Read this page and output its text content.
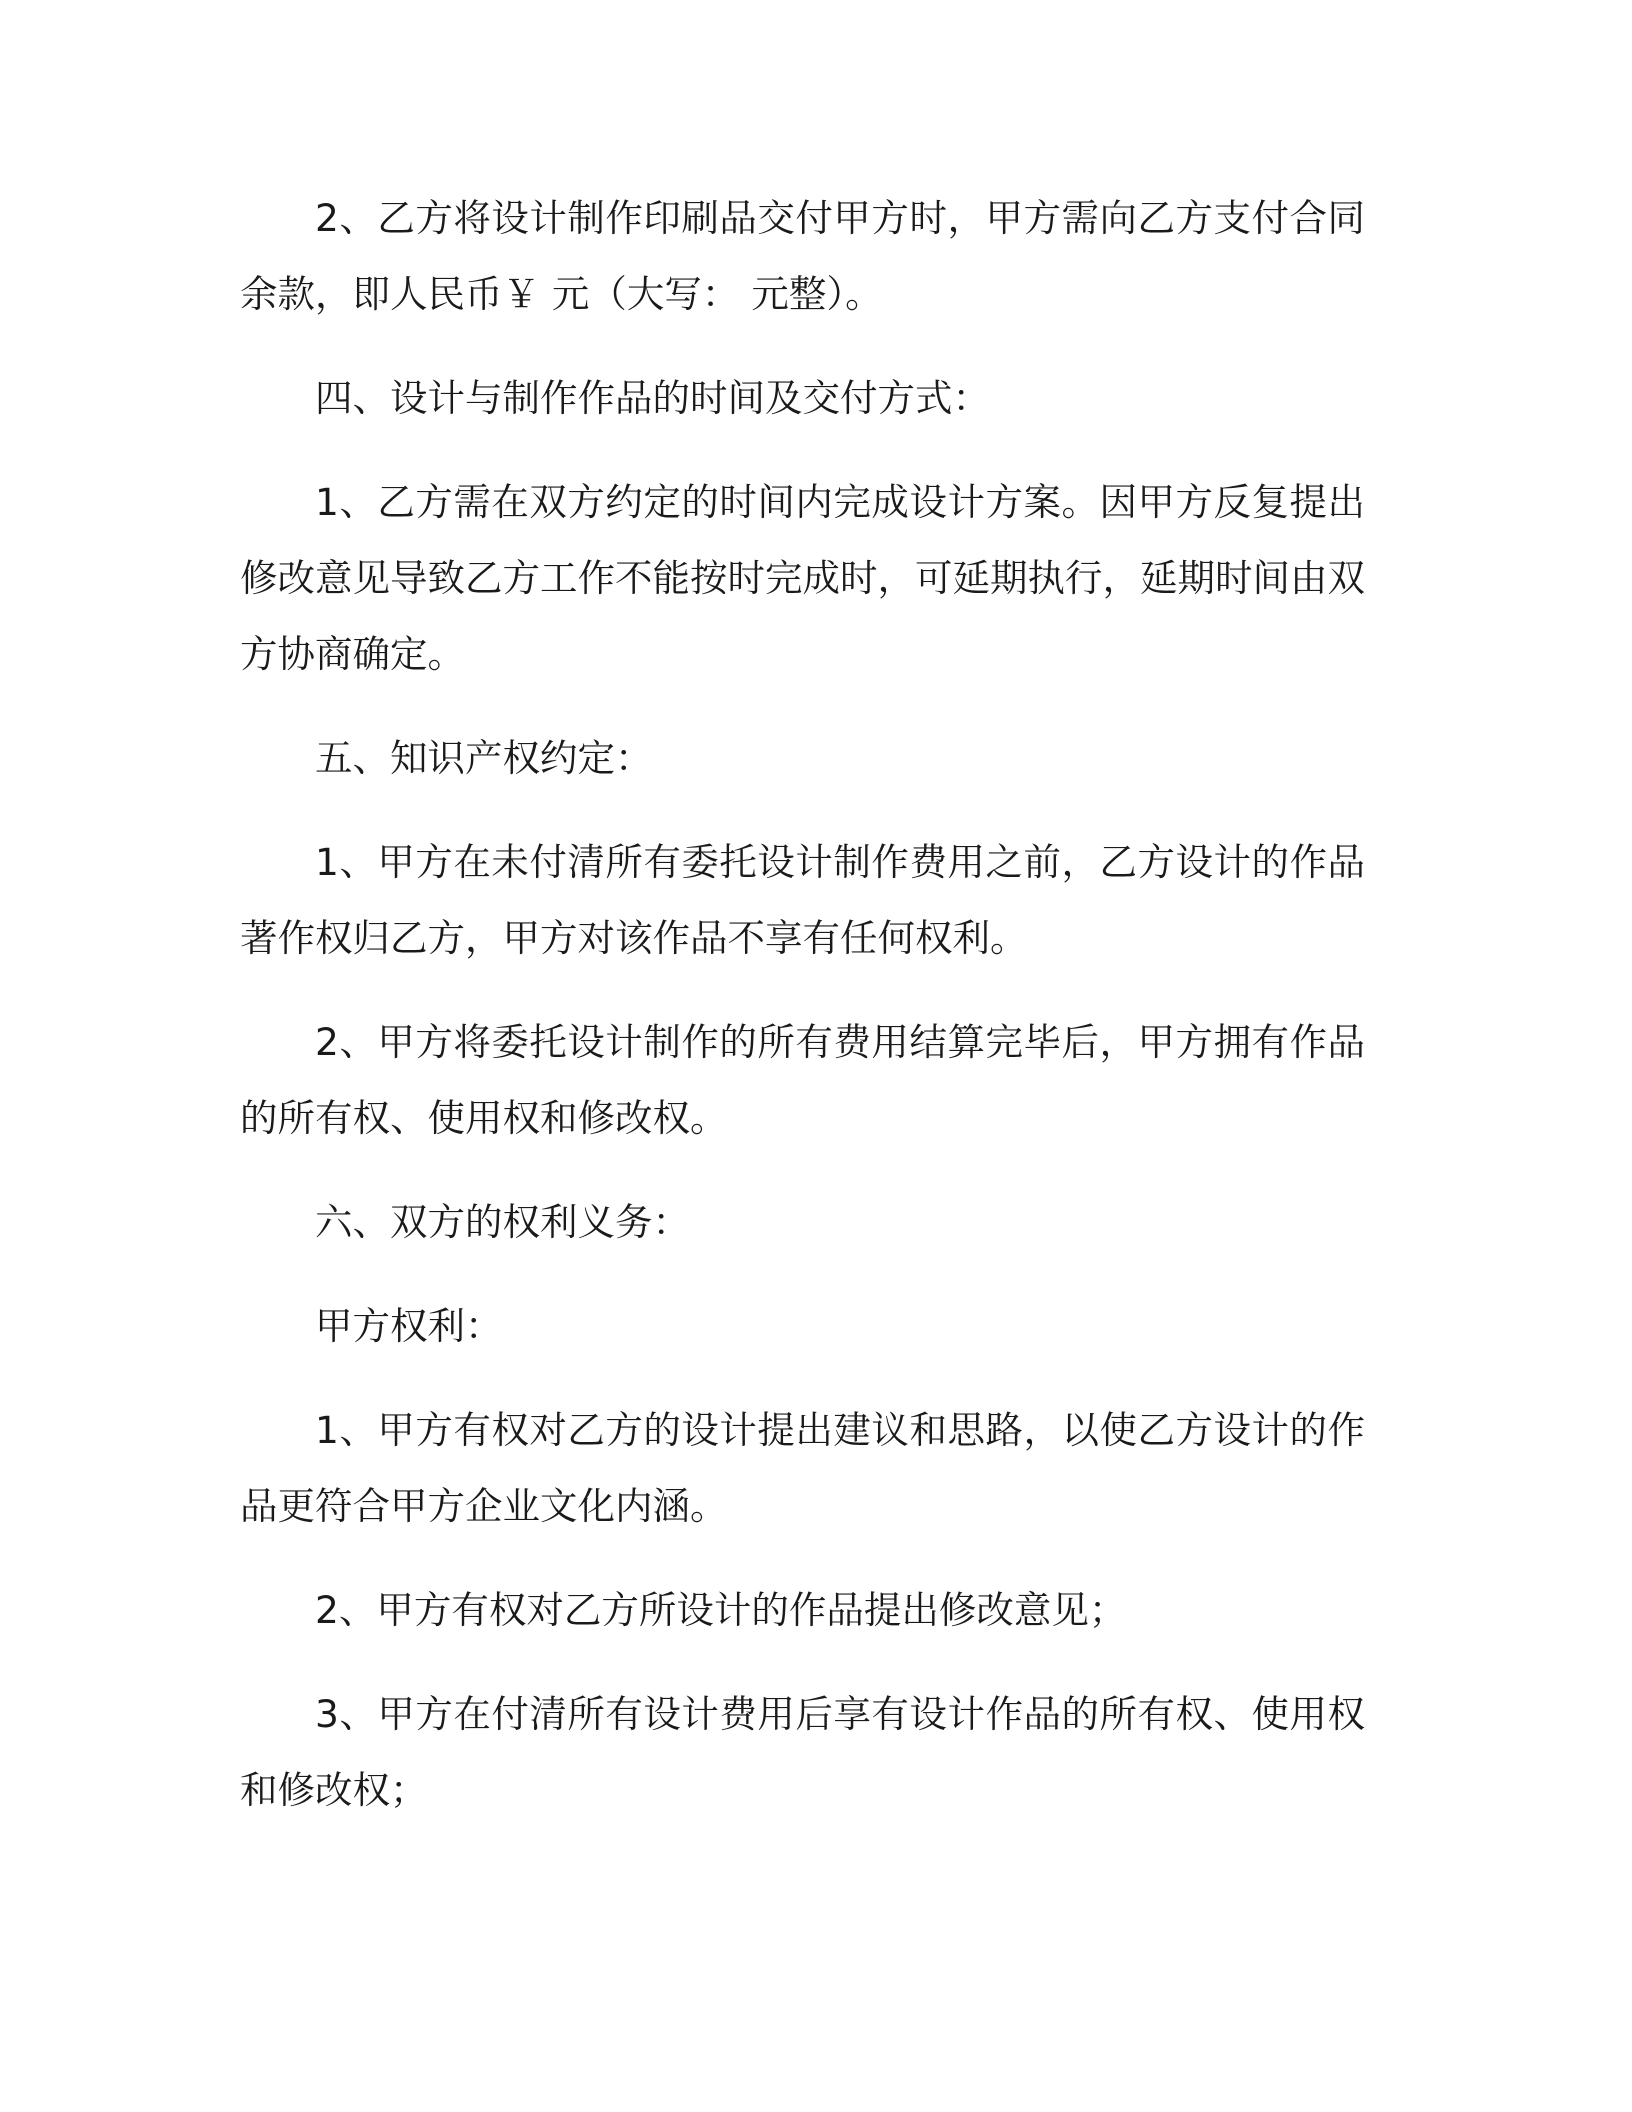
2、乙方将设计制作印刷品交付甲方时，甲方需向乙方支付合同余款，即人民币￥ 元（大写： 元整）。

四、设计与制作作品的时间及交付方式：

1、乙方需在双方约定的时间内完成设计方案。因甲方反复提出修改意见导致乙方工作不能按时完成时，可延期执行，延期时间由双方协商确定。

五、知识产权约定：

1、甲方在未付清所有委托设计制作费用之前，乙方设计的作品著作权归乙方，甲方对该作品不享有任何权利。

2、甲方将委托设计制作的所有费用结算完毕后，甲方拥有作品的所有权、使用权和修改权。

六、双方的权利义务：

甲方权利：

1、甲方有权对乙方的设计提出建议和思路，以使乙方设计的作品更符合甲方企业文化内涵。

2、甲方有权对乙方所设计的作品提出修改意见；

3、甲方在付清所有设计费用后享有设计作品的所有权、使用权和修改权；
